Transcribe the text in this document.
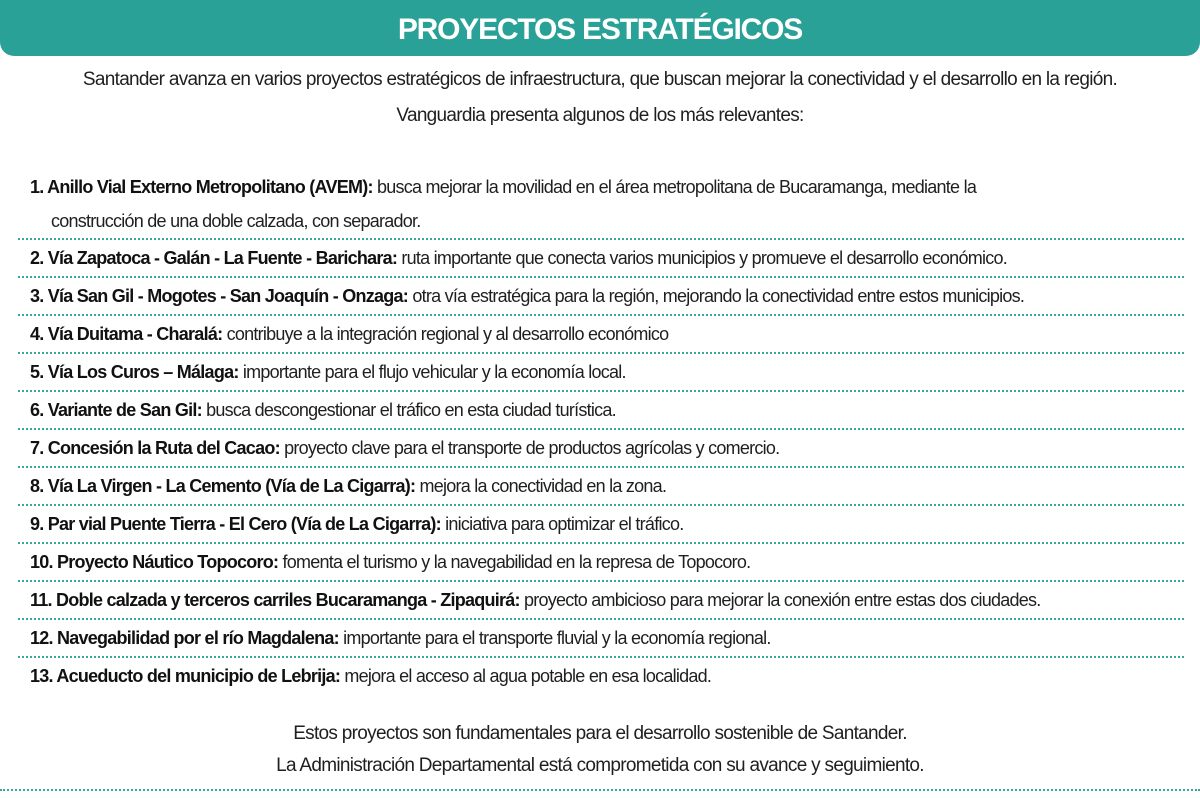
PROYECTOS ESTRATÉGICOS

Santander avanza en varios proyectos estratégicos de infraestructura, que buscan mejorar la conectividad y el desarrollo en la región.

Vanguardia presenta algunos de los más relevantes:

1. Anillo Vial Externo Metropolitano (AVEM): busca mejorar la movilidad en el área metropolitana de Bucaramanga, mediante la
construcción de una doble calzada, con separador.
2. Vía Zapatoca - Galán - La Fuente - Barichara: ruta importante que conecta varios municipios y promueve el desarrollo económico.
3. Vía San Gil - Mogotes - San Joaquín - Onzaga: otra vía estratégica para la región, mejorando la conectividad entre estos municipios.
4. Vía Duitama - Charalá: contribuye a la integración regional y al desarrollo económico
5. Vía Los Curos – Málaga: importante para el flujo vehicular y la economía local.
6. Variante de San Gil: busca descongestionar el tráfico en esta ciudad turística.
7. Concesión la Ruta del Cacao: proyecto clave para el transporte de productos agrícolas y comercio.
8. Vía La Virgen - La Cemento (Vía de La Cigarra): mejora la conectividad en la zona.
9. Par vial Puente Tierra - El Cero (Vía de La Cigarra): iniciativa para optimizar el tráfico.
10. Proyecto Náutico Topocoro: fomenta el turismo y la navegabilidad en la represa de Topocoro.
11. Doble calzada y terceros carriles Bucaramanga - Zipaquirá: proyecto ambicioso para mejorar la conexión entre estas dos ciudades.
12. Navegabilidad por el río Magdalena: importante para el transporte fluvial y la economía regional.
13. Acueducto del municipio de Lebrija: mejora el acceso al agua potable en esa localidad.

Estos proyectos son fundamentales para el desarrollo sostenible de Santander.

La Administración Departamental está comprometida con su avance y seguimiento.
